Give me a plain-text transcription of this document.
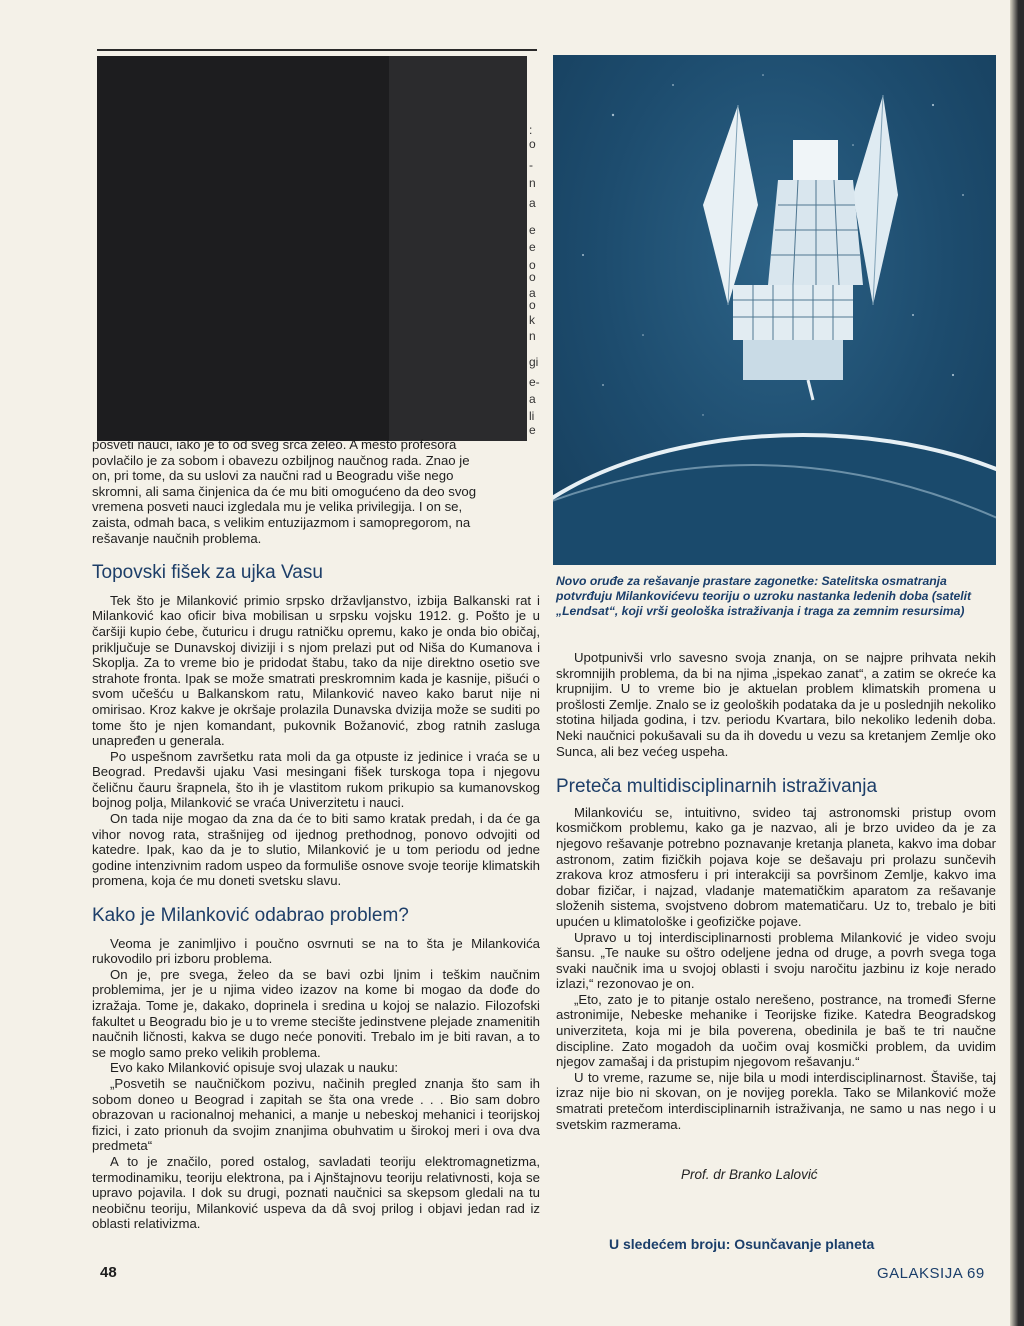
:
o
-
n
a
e
e
o
o
a
o
k
n
gi
e-
a
li
e
posveti nauci, iako je to od sveg srca želeo. A mesto profesora
povlačilo je za sobom i obavezu ozbiljnog naučnog rada. Znao je
on, pri tome, da su uslovi za naučni rad u Beogradu više nego
skromni, ali sama činjenica da će mu biti omogućeno da deo svog
vremena posveti nauci izgledala mu je velika privilegija. I on se,
zaista, odmah baca, s velikim entuzijazmom i samopregorom, na
rešavanje naučnih problema.
Topovski fišek za ujka Vasu

Tek što je Milanković primio srpsko državljanstvo, izbija Balkanski rat i Milanković kao oficir biva mobilisan u srpsku vojsku 1912. g. Pošto je u čaršiji kupio ćebe, čuturicu i drugu ratničku opremu, kako je onda bio običaj, priključuje se Dunavskoj diviziji i s njom prelazi put od Niša do Kumanova i Skoplja. Za to vreme bio je pridodat štabu, tako da nije direktno osetio sve strahote fronta. Ipak se može smatrati preskromnim kada je kasnije, pišući o svom učešću u Balkanskom ratu, Milanković naveo kako barut nije ni omirisao. Kroz kakve je okršaje prolazila Dunavska dvizija može se suditi po tome što je njen komandant, pukovnik Božanović, zbog ratnih zasluga unapređen u generala.

Po uspešnom završetku rata moli da ga otpuste iz jedinice i vraća se u Beograd. Predavši ujaku Vasi mesingani fišek turskoga topa i njegovu čeličnu čauru šrapnela, što ih je vlastitom rukom prikupio sa kumanovskog bojnog polja, Milanković se vraća Univerzitetu i nauci.

On tada nije mogao da zna da će to biti samo kratak predah, i da će ga vihor novog rata, strašnijeg od ijednog prethodnog, ponovo odvojiti od katedre. Ipak, kao da je to slutio, Milanković je u tom periodu od jedne godine intenzivnim radom uspeo da formuliše osnove svoje teorije klimatskih promena, koja će mu doneti svetsku slavu.

Kako je Milanković odabrao problem?

Veoma je zanimljivo i poučno osvrnuti se na to šta je Milankovića rukovodilo pri izboru problema.

On je, pre svega, želeo da se bavi ozbi ljnim i teškim naučnim problemima, jer je u njima video izazov na kome bi mogao da dođe do izražaja. Tome je, dakako, doprinela i sredina u kojoj se nalazio. Filozofski fakultet u Beogradu bio je u to vreme stecište jedinstvene plejade znamenitih naučnih ličnosti, kakva se dugo neće ponoviti. Trebalo im je biti ravan, a to se moglo samo preko velikih problema.

Evo kako Milanković opisuje svoj ulazak u nauku:

„Posvetih se naučničkom pozivu, načinih pregled znanja što sam ih sobom doneo u Beograd i zapitah se šta ona vrede . . . Bio sam dobro obrazovan u racionalnoj mehanici, a manje u nebeskoj mehanici i teorijskoj fizici, i zato prionuh da svojim znanjima obuhvatim u širokoj meri i ova dva predmeta“

A to je značilo, pored ostalog, savladati teoriju elektromagnetizma, termodinamiku, teoriju elektrona, pa i Ajnštajnovu teoriju relativnosti, koja se upravo pojavila. I dok su drugi, poznati naučnici sa skepsom gledali na tu neobičnu teoriju, Milanković uspeva da dâ svoj prilog i objavi jedan rad iz oblasti relativizma.

Novo oruđe za rešavanje prastare zagonetke: Satelitska osmatranja potvrđuju Milankovićevu teoriju o uzroku nastanka ledenih doba (satelit „Lendsat“, koji vrši geološka istraživanja i traga za zemnim resursima)

Upotpunivši vrlo savesno svoja znanja, on se najpre prihvata nekih skromnijih problema, da bi na njima „ispekao zanat“, a zatim se okreće ka krupnijim. U to vreme bio je aktuelan problem klimatskih promena u prošlosti Zemlje. Znalo se iz geoloških podataka da je u poslednjih nekoliko stotina hiljada godina, i tzv. periodu Kvartara, bilo nekoliko ledenih doba. Neki naučnici pokušavali su da ih dovedu u vezu sa kretanjem Zemlje oko Sunca, ali bez većeg uspeha.

Preteča multidisciplinarnih istraživanja

Milankoviću se, intuitivno, svideo taj astronomski pristup ovom kosmičkom problemu, kako ga je nazvao, ali je brzo uvideo da je za njegovo rešavanje potrebno poznavanje kretanja planeta, kakvo ima dobar astronom, zatim fizičkih pojava koje se dešavaju pri prolazu sunčevih zrakova kroz atmosferu i pri interakciji sa površinom Zemlje, kakvo ima dobar fizičar, i najzad, vladanje matematičkim aparatom za rešavanje složenih sistema, svojstveno dobrom matematičaru. Uz to, trebalo je biti upućen u klimatološke i geofizičke pojave.

Upravo u toj interdisciplinarnosti problema Milanković je video svoju šansu. „Te nauke su oštro odeljene jedna od druge, a povrh svega toga svaki naučnik ima u svojoj oblasti i svoju naročitu jazbinu iz koje nerado izlazi,“ rezonovao je on.

„Eto, zato je to pitanje ostalo nerešeno, postrance, na tromeđi Sferne astronimije, Nebeske mehanike i Teorijske fizike. Katedra Beogradskog univerziteta, koja mi je bila poverena, obedinila je baš te tri naučne discipline. Zato mogadoh da uočim ovaj kosmički problem, da uvidim njegov zamašaj i da pristupim njegovom rešavanju.“

U to vreme, razume se, nije bila u modi interdisciplinarnost. Štaviše, taj izraz nije bio ni skovan, on je novijeg porekla. Tako se Milanković može smatrati pretečom interdisciplinarnih istraživanja, ne samo u nas nego i u svetskim razmerama.

Prof. dr Branko Lalović
U sledećem broju: Osunčavanje planeta
48	GALAKSIJA 69
